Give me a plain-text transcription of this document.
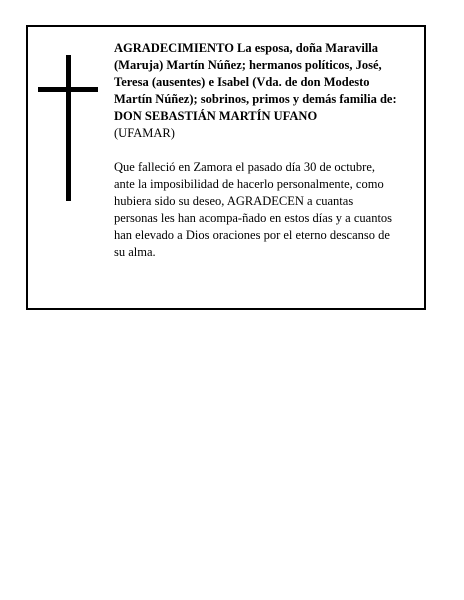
AGRADECIMIENTO La esposa, doña Maravilla
(Maruja) Martín Núñez; hermanos políticos, José,
Teresa (ausentes) e Isabel (Vda. de don Modesto
Martín Núñez); sobrinos, primos y demás familia de:
DON SEBASTIÁN MARTÍN UFANO

(UFAMAR)

Que falleció en Zamora el pasado día 30 de octubre,
ante la imposibilidad de hacerlo personalmente, como
hubiera sido su deseo, AGRADECEN a cuantas
personas les han acompa-ñado en estos días y a cuantos
han elevado a Dios oraciones por el eterno descanso de
su alma.
